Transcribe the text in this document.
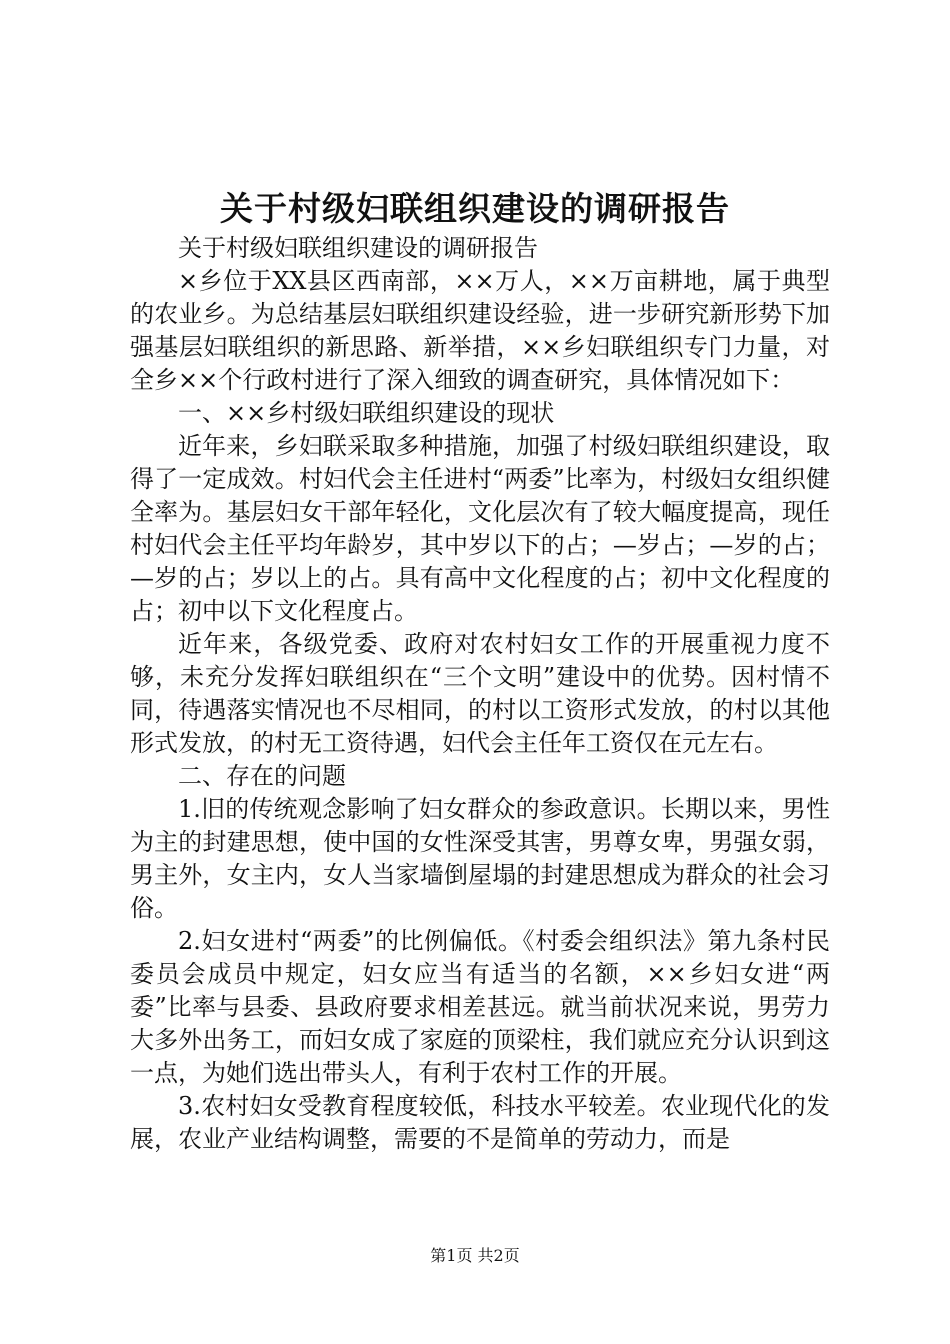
关于村级妇联组织建设的调研报告

关于村级妇联组织建设的调研报告

×乡位于XX县区西南部，××万人，××万亩耕地，属于典型的农业乡。为总结基层妇联组织建设经验，进一步研究新形势下加强基层妇联组织的新思路、新举措，××乡妇联组织专门力量，对全乡××个行政村进行了深入细致的调查研究，具体情况如下：

一、××乡村级妇联组织建设的现状

近年来，乡妇联采取多种措施，加强了村级妇联组织建设，取得了一定成效。村妇代会主任进村“两委”比率为，村级妇女组织健全率为。基层妇女干部年轻化，文化层次有了较大幅度提高，现任村妇代会主任平均年龄岁，其中岁以下的占；—岁占；—岁的占；—岁的占；岁以上的占。具有高中文化程度的占；初中文化程度的占；初中以下文化程度占。

近年来，各级党委、政府对农村妇女工作的开展重视力度不够，未充分发挥妇联组织在“三个文明”建设中的优势。因村情不同，待遇落实情况也不尽相同，的村以工资形式发放，的村以其他形式发放，的村无工资待遇，妇代会主任年工资仅在元左右。

二、存在的问题

1.旧的传统观念影响了妇女群众的参政意识。长期以来，男性为主的封建思想，使中国的女性深受其害，男尊女卑，男强女弱，男主外，女主内，女人当家墙倒屋塌的封建思想成为群众的社会习俗。

2.妇女进村“两委”的比例偏低。《村委会组织法》第九条村民委员会成员中规定，妇女应当有适当的名额，××乡妇女进“两委”比率与县委、县政府要求相差甚远。就当前状况来说，男劳力大多外出务工，而妇女成了家庭的顶梁柱，我们就应充分认识到这一点，为她们选出带头人，有利于农村工作的开展。

3.农村妇女受教育程度较低，科技水平较差。农业现代化的发展，农业产业结构调整，需要的不是简单的劳动力，而是

第1页 共2页
